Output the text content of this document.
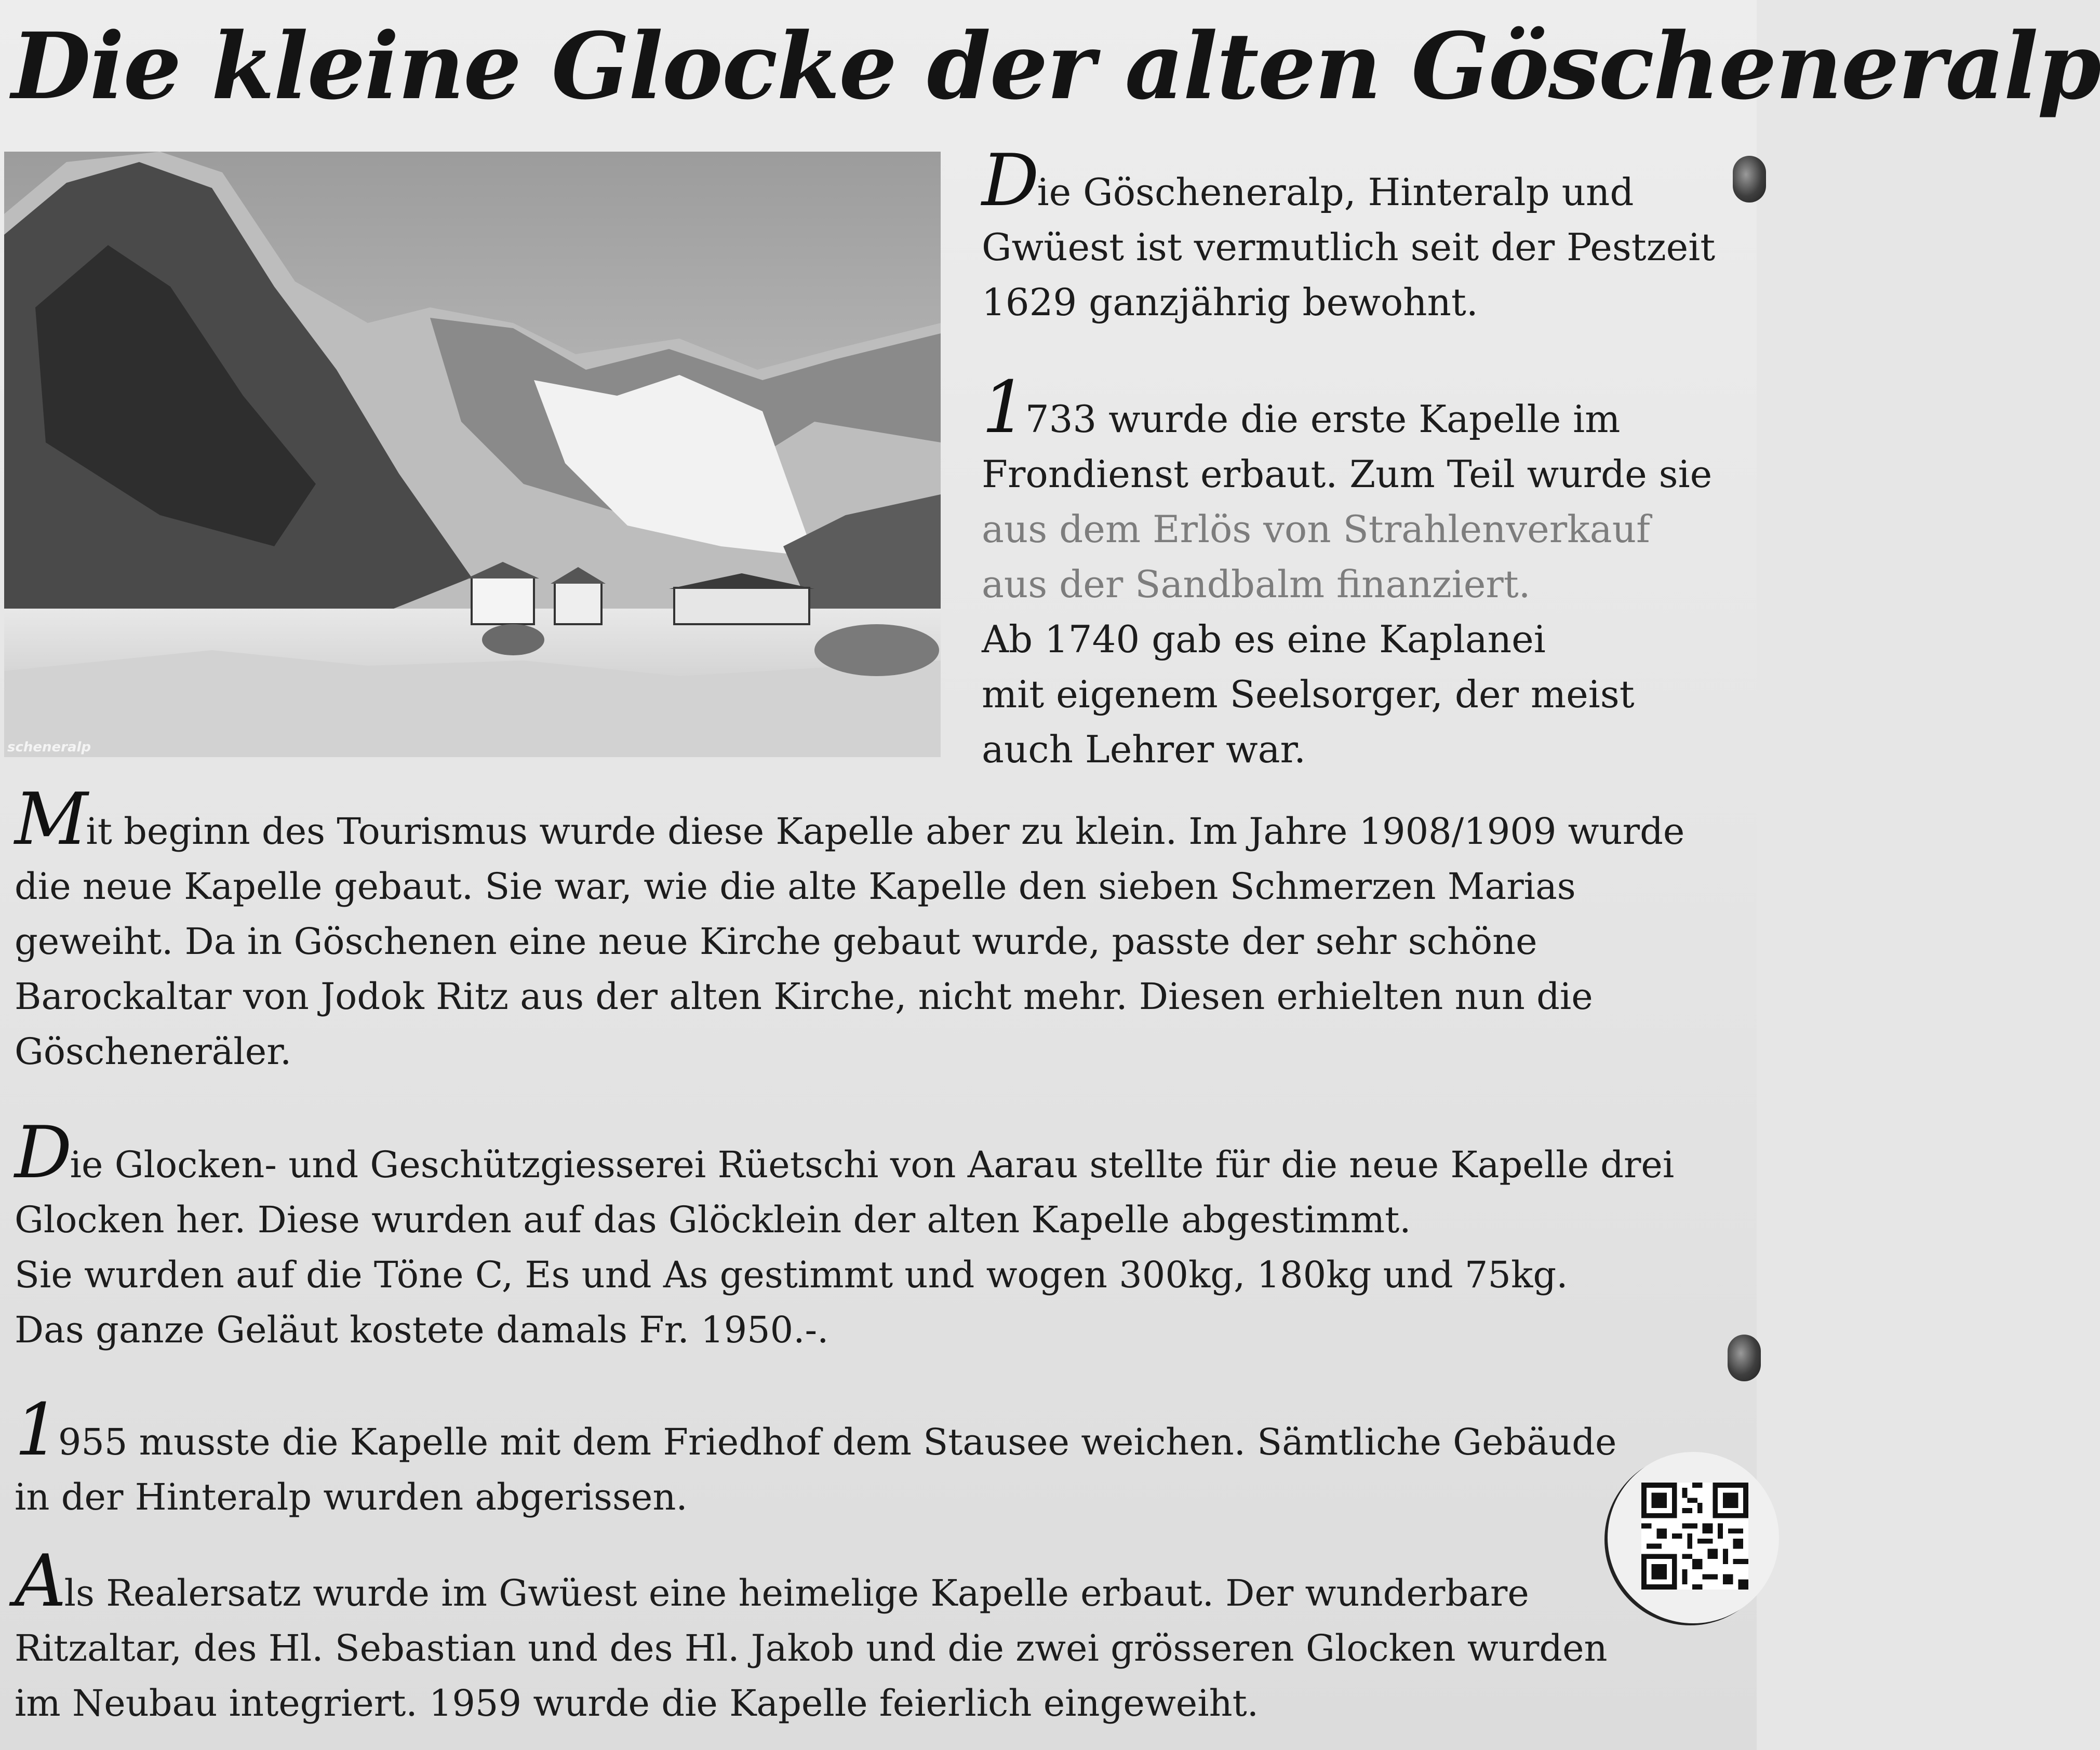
Die kleine Glocke der alten Göscheneralp
scheneralp
Die Göscheneralp, Hinteralp und
Gwüest ist vermutlich seit der Pestzeit
1629 ganzjährig bewohnt.
1733 wurde die erste Kapelle im
Frondienst erbaut. Zum Teil wurde sie
aus dem Erlös von Strahlenverkauf
aus der Sandbalm finanziert.
Ab 1740 gab es eine Kaplanei
mit eigenem Seelsorger, der meist
auch Lehrer war.
Mit beginn des Tourismus wurde diese Kapelle aber zu klein. Im Jahre 1908/1909 wurde
die neue Kapelle gebaut. Sie war, wie die alte Kapelle den sieben Schmerzen Marias
geweiht. Da in Göschenen eine neue Kirche gebaut wurde, passte der sehr schöne
Barockaltar von Jodok Ritz aus der alten Kirche, nicht mehr. Diesen erhielten nun die
Göscheneräler.
Die Glocken- und Geschützgiesserei Rüetschi von Aarau stellte für die neue Kapelle drei
Glocken her. Diese wurden auf das Glöcklein der alten Kapelle abgestimmt.
Sie wurden auf die Töne C, Es und As gestimmt und wogen 300kg, 180kg und 75kg.
Das ganze Geläut kostete damals Fr. 1950.-.
1955 musste die Kapelle mit dem Friedhof dem Stausee weichen. Sämtliche Gebäude
in der Hinteralp wurden abgerissen.
Als Realersatz wurde im Gwüest eine heimelige Kapelle erbaut. Der wunderbare
Ritzaltar, des Hl. Sebastian und des Hl. Jakob und die zwei grösseren Glocken wurden
im Neubau integriert. 1959 wurde die Kapelle feierlich eingeweiht.
